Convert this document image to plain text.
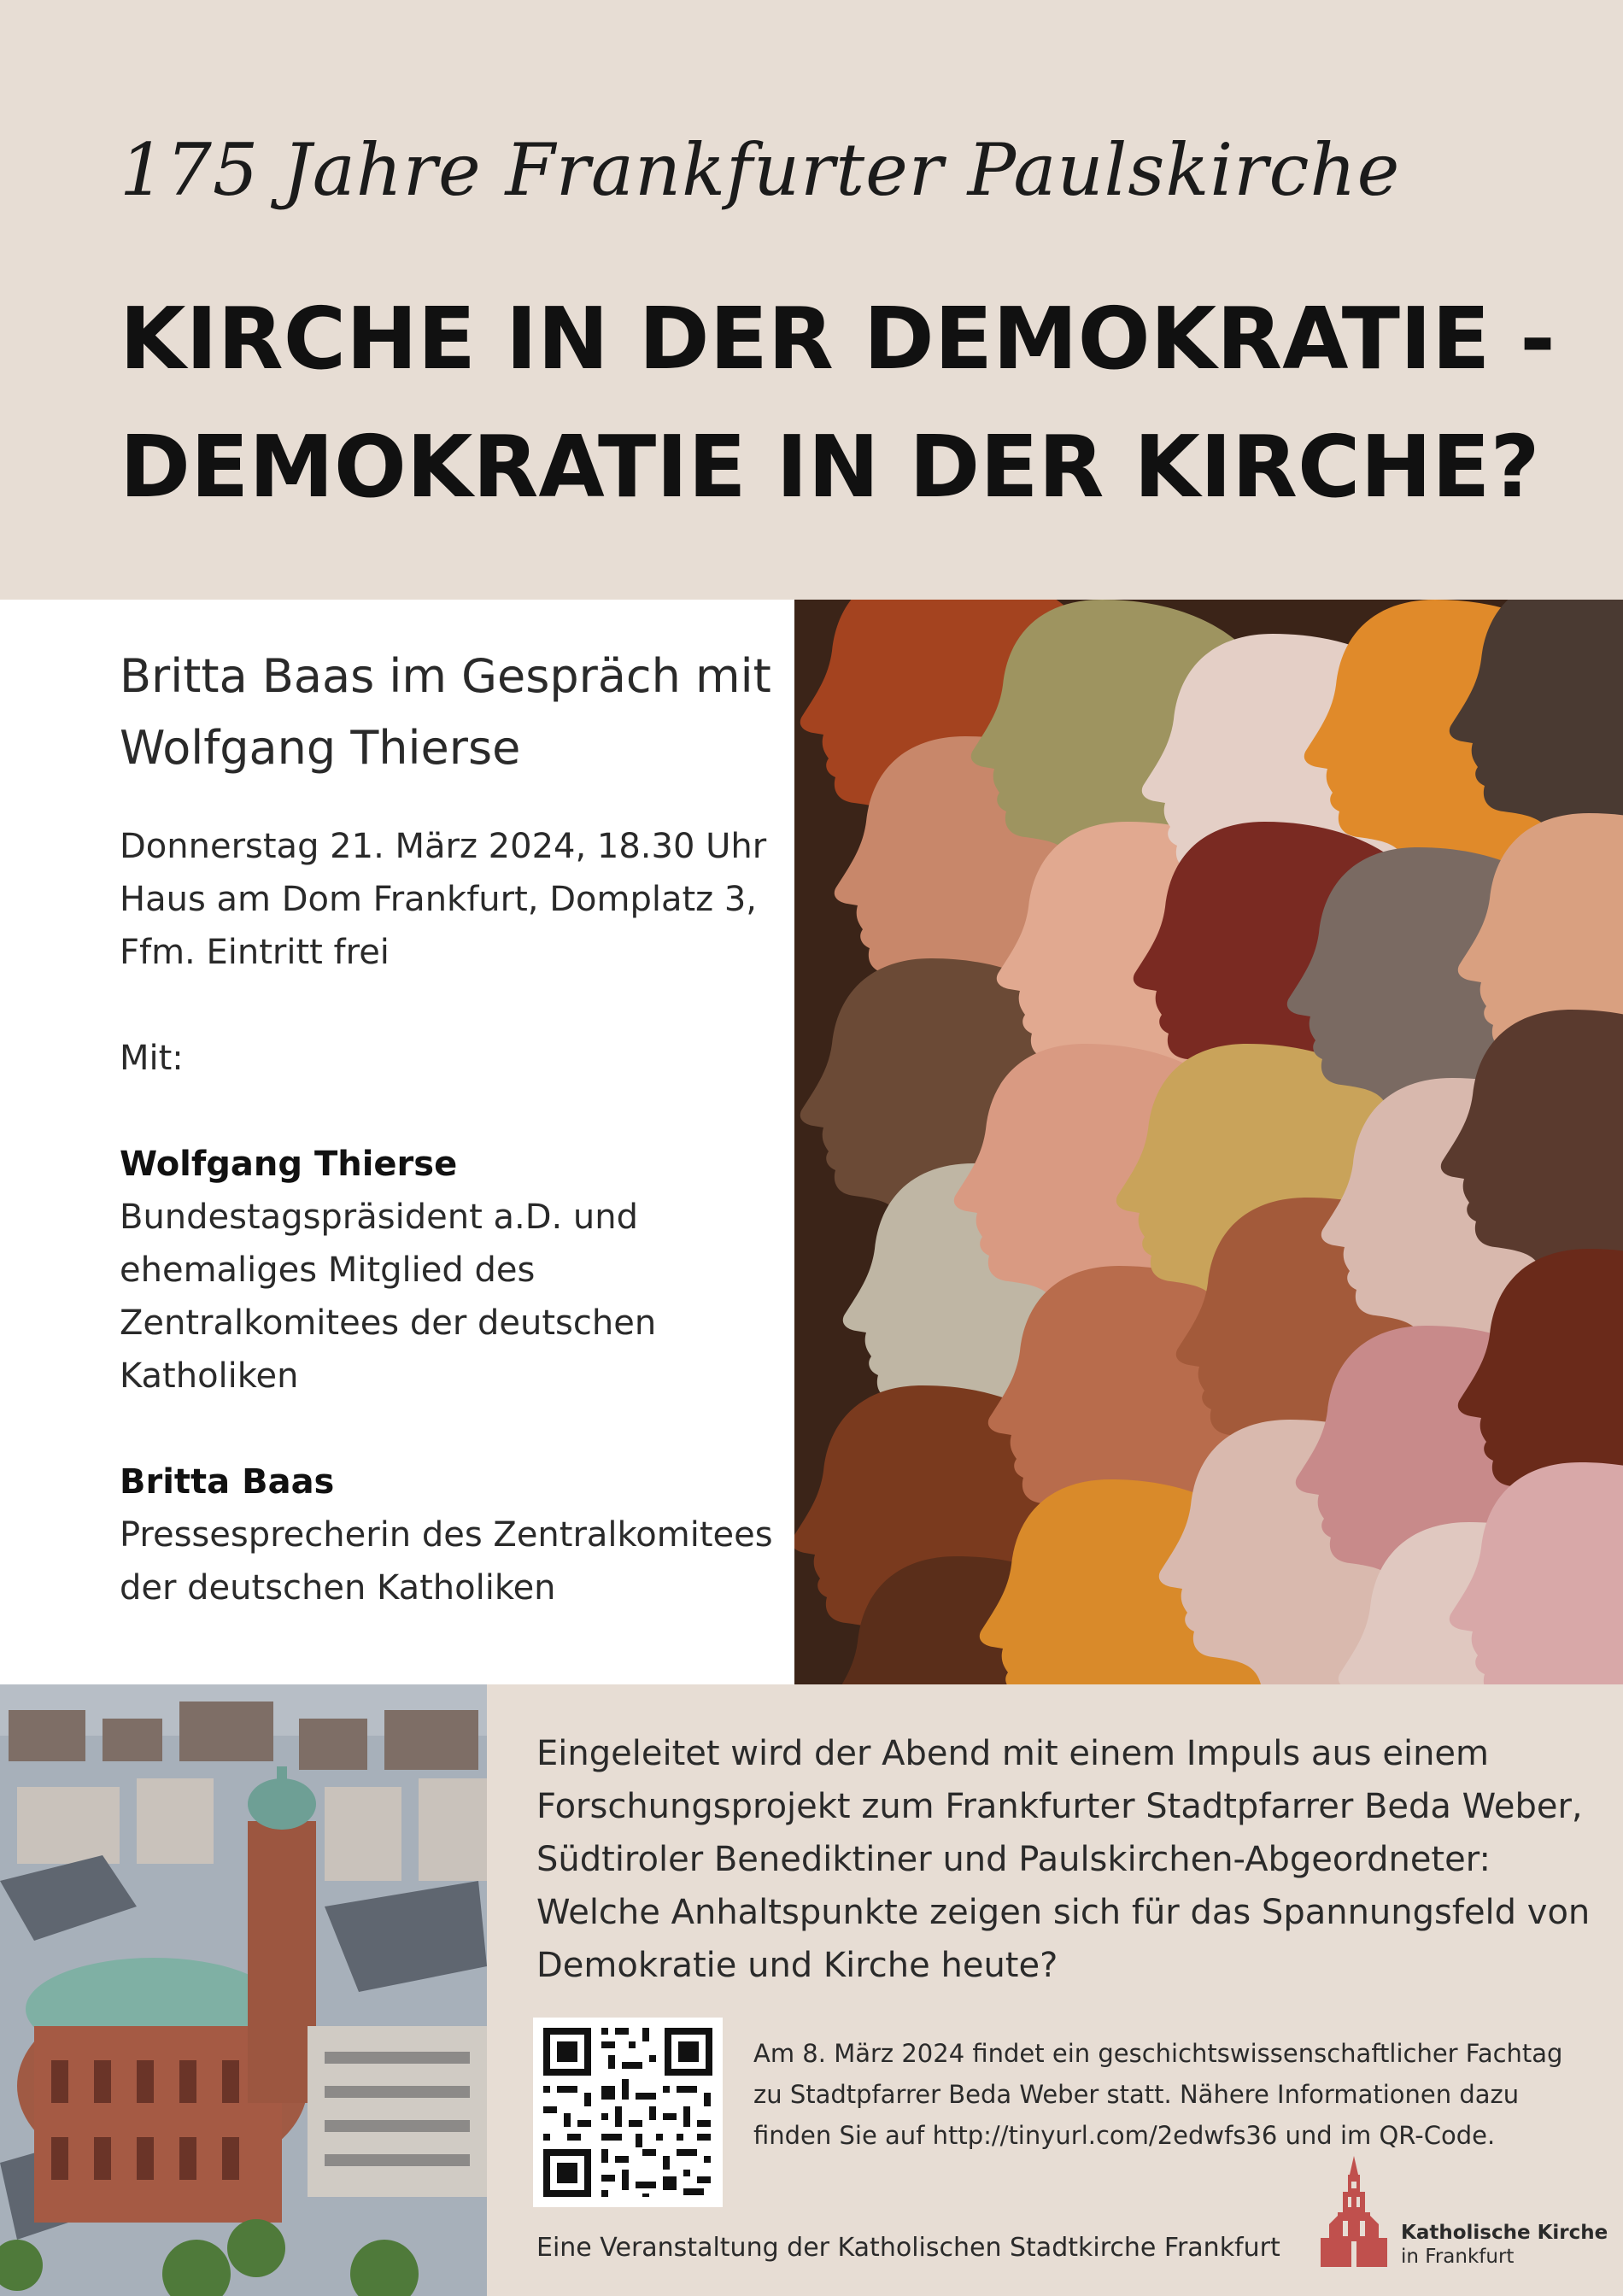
175 Jahre Frankfurter Paulskirche
KIRCHE IN DER DEMOKRATIE -
DEMOKRATIE IN DER KIRCHE?
Britta Baas im Gespräch mit
Wolfgang Thierse
Donnerstag 21. März 2024, 18.30 Uhr
Haus am Dom Frankfurt, Domplatz 3,
Ffm. Eintritt frei
Mit:
Wolfgang Thierse
Bundestagspräsident a.D. und
ehemaliges Mitglied des
Zentralkomitees der deutschen
Katholiken
Britta Baas
Pressesprecherin des Zentralkomitees
der deutschen Katholiken
Eingeleitet wird der Abend mit einem Impuls aus einem
Forschungsprojekt zum Frankfurter Stadtpfarrer Beda Weber,
Südtiroler Benediktiner und Paulskirchen-Abgeordneter:
Welche Anhaltspunkte zeigen sich für das Spannungsfeld von
Demokratie und Kirche heute?
Am 8. März 2024 findet ein geschichtswissenschaftlicher Fachtag
zu Stadtpfarrer Beda Weber statt. Nähere Informationen dazu
finden Sie auf http://tinyurl.com/2edwfs36 und im QR-Code.
Eine Veranstaltung der Katholischen Stadtkirche Frankfurt	Katholische Kirche
in Frankfurt
